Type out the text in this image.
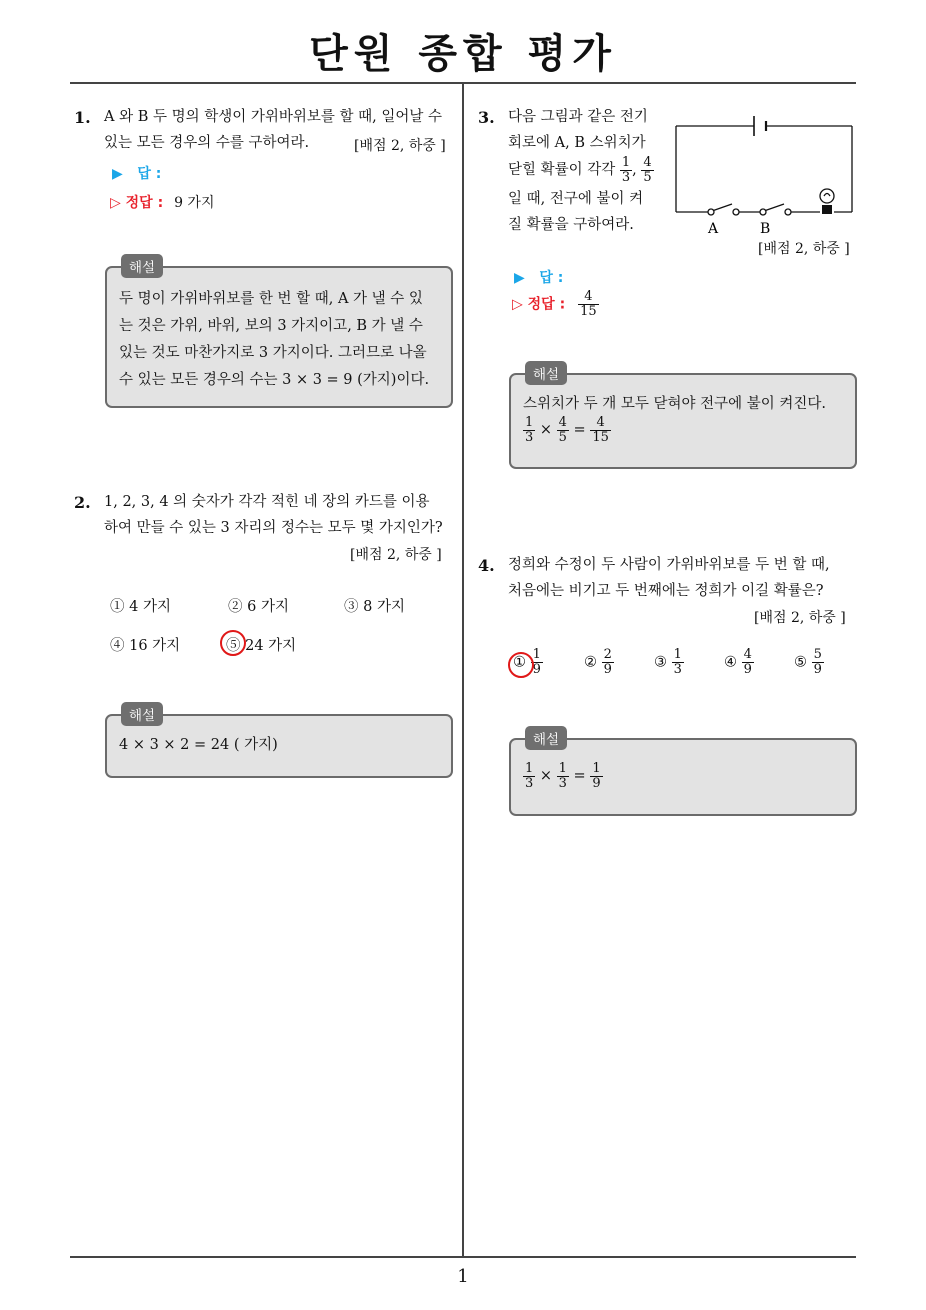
단원 종합 평가
1. A 와 B 두 명의 학생이 가위바위보를 할 때, 일어날 수
있는 모든 경우의 수를 구하여라.	[배점 2, 하중 ]
▶ 답 :
▷ 정답 : 9 가지
해설
두 명이 가위바위보를 한 번 할 때, A 가 낼 수 있
는 것은 가위, 바위, 보의 3 가지이고, B 가 낼 수
있는 것도 마찬가지로 3 가지이다. 그러므로 나올
수 있는 모든 경우의 수는 3 × 3 = 9 (가지)이다.
2. 1, 2, 3, 4 의 숫자가 각각 적힌 네 장의 카드를 이용
하여 만들 수 있는 3 자리의 정수는 모두 몇 가지인가?
[배점 2, 하중 ]
① 4 가지	② 6 가지	③ 8 가지
④ 16 가지	⑤ 24 가지
해설
4 × 3 × 2 = 24 ( 가지)
3. 다음 그림과 같은 전기
회로에 A, B 스위치가
닫힐 확률이 각각 $\frac{1}{3}$ , $\frac{4}{5}$
일 때, 전구에 불이 켜
질 확률을 구하여라.	A	B
[배점 2, 하중 ]
▶ 답 :
▷ 정답 : $\frac{4}{15}$
해설
스위치가 두 개 모두 닫혀야 전구에 불이 켜진다.
$\frac{1}{3} \times \frac{4}{5} = \frac{4}{15}$
4. 정희와 수정이 두 사람이 가위바위보를 두 번 할 때,
처음에는 비기고 두 번째에는 정희가 이길 확률은?
[배점 2, 하중 ]
① $\frac{1}{9}$	② $\frac{2}{9}$	③ $\frac{1}{3}$	④ $\frac{4}{9}$	⑤ $\frac{5}{9}$
해설
$\frac{1}{3} \times \frac{1}{3} = \frac{1}{9}$
1
